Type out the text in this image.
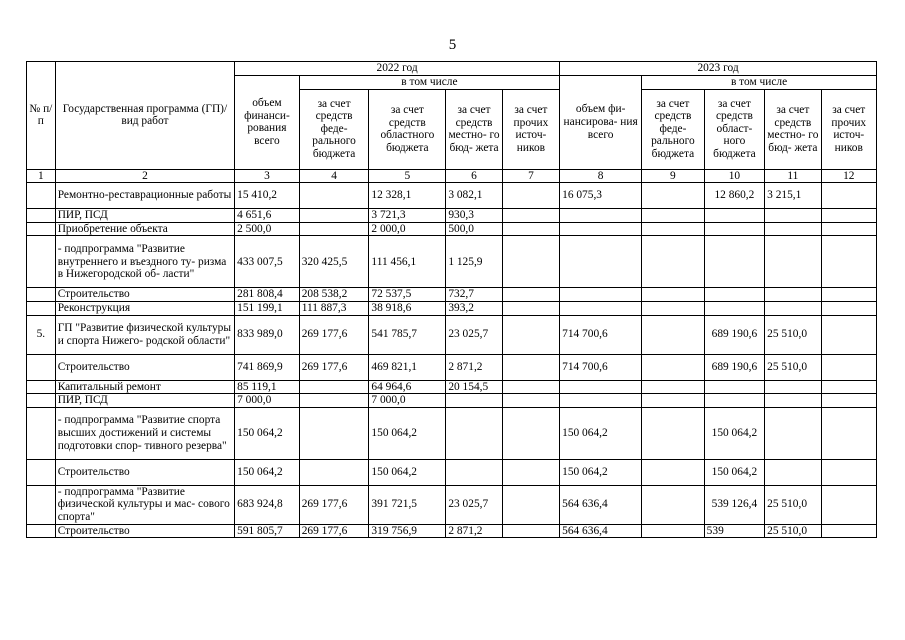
5
№ п/п	Государственная программа (ГП)/ вид работ	2022 год					2023 год				
		объем финанси- рования всего	в том числе				объем фи- нансирова- ния всего	в том числе			
			за счет средств феде- рального бюджета	за счет средств областного бюджета	за счет средств местно- го бюд- жета	за счет прочих источ- ников		за счет средств феде- рального бюджета	за счет средств област- ного бюджета	за счет средств местно- го бюд- жета	за счет прочих источ- ников
1	2	3	4	5	6	7	8	9	10	11	12
	Ремонтно-реставрационные работы	15 410,2		12 328,1	3 082,1		16 075,3		12 860,2	3 215,1	
	ПИР, ПСД	4 651,6		3 721,3	930,3						
	Приобретение объекта	2 500,0		2 000,0	500,0						
	- подпрограмма "Развитие внутреннего и въездного ту- ризма в Нижегородской об- ласти"	433 007,5	320 425,5	111 456,1	1 125,9						
	Строительство	281 808,4	208 538,2	72 537,5	732,7						
	Реконструкция	151 199,1	111 887,3	38 918,6	393,2						
5.	ГП "Развитие физической культуры и спорта Нижего- родской области"	833 989,0	269 177,6	541 785,7	23 025,7		714 700,6		689 190,6	25 510,0	
	Строительство	741 869,9	269 177,6	469 821,1	2 871,2		714 700,6		689 190,6	25 510,0	
	Капитальный ремонт	85 119,1		64 964,6	20 154,5						
	ПИР, ПСД	7 000,0		7 000,0							
	- подпрограмма "Развитие спорта высших достижений и системы подготовки спор- тивного резерва"	150 064,2		150 064,2			150 064,2		150 064,2		
	Строительство	150 064,2		150 064,2			150 064,2		150 064,2		
	- подпрограмма "Развитие физической культуры и мас- сового спорта"	683 924,8	269 177,6	391 721,5	23 025,7		564 636,4		539 126,4	25 510,0	
	Строительство	591 805,7	269 177,6	319 756,9	2 871,2		564 636,4		539	25 510,0	
